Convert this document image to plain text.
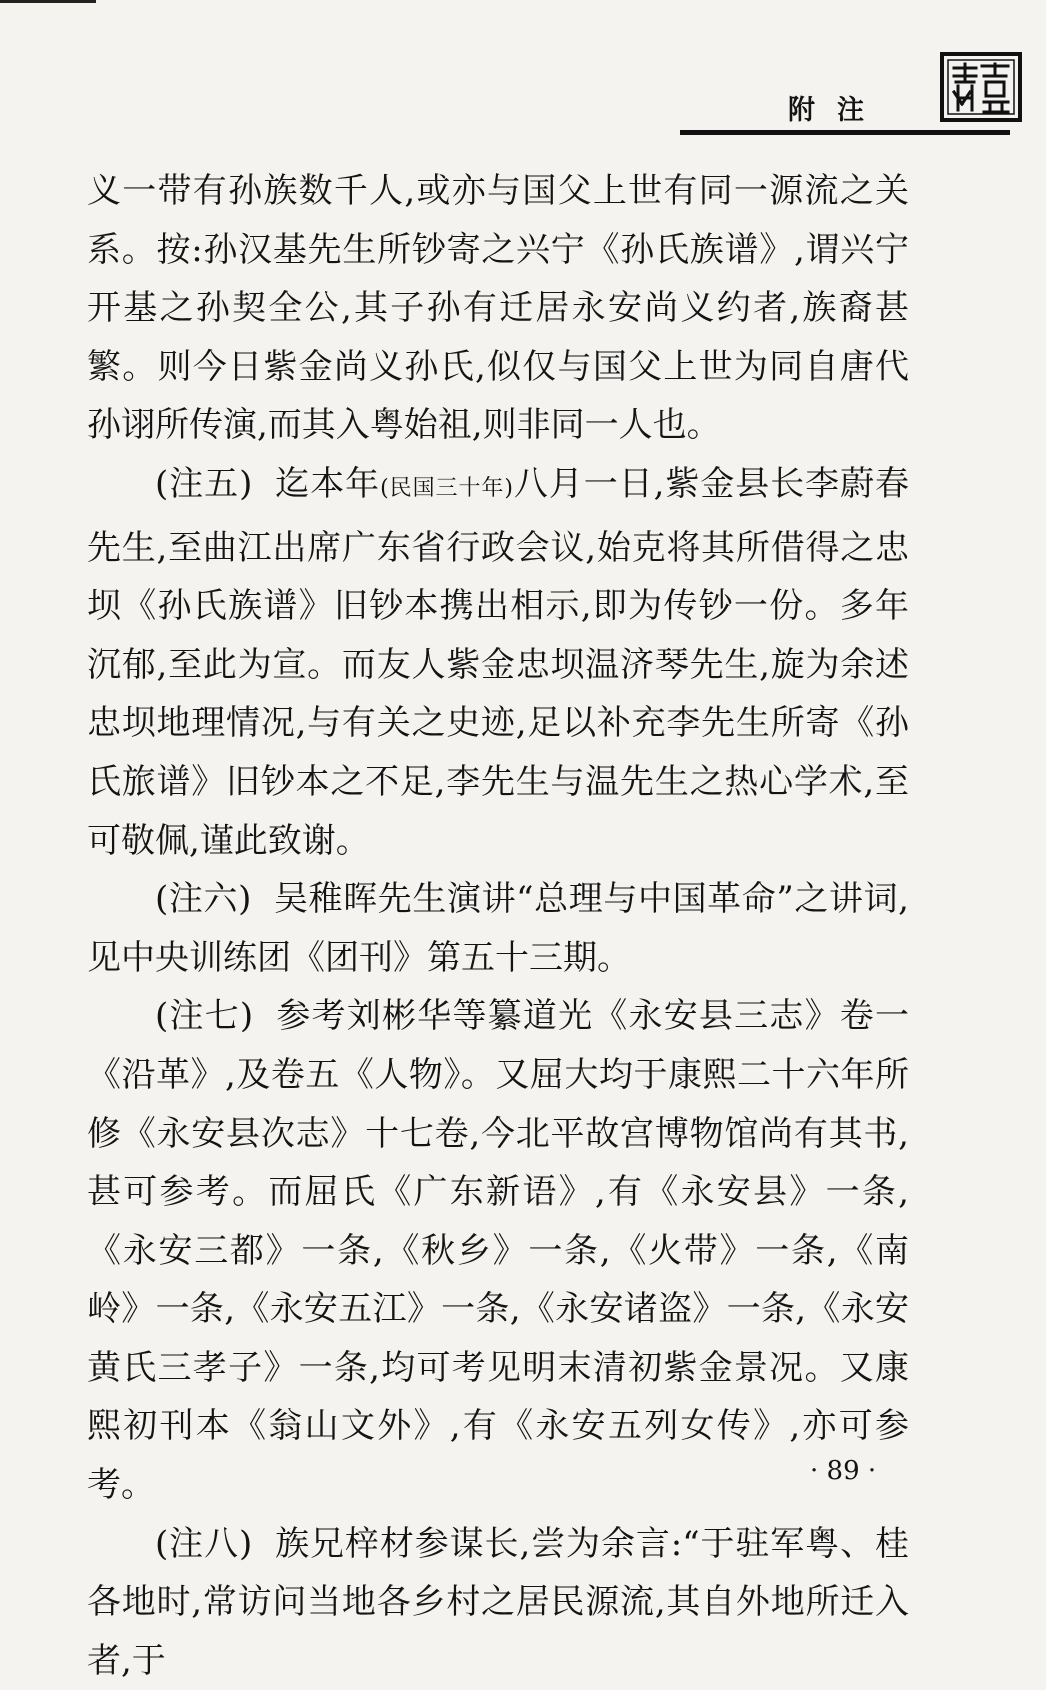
附注

义一带有孙族数千人,或亦与国父上世有同一源流之关系。按:孙汉基先生所钞寄之兴宁《孙氏族谱》,谓兴宁开基之孙契全公,其子孙有迁居永安尚义约者,族裔甚繁。则今日紫金尚义孙氏,似仅与国父上世为同自唐代孙诩所传演,而其入粤始祖,则非同一人也。

(注五) 迄本年(民国三十年)八月一日,紫金县长李蔚春先生,至曲江出席广东省行政会议,始克将其所借得之忠坝《孙氏族谱》旧钞本携出相示,即为传钞一份。多年沉郁,至此为宣。而友人紫金忠坝温济琴先生,旋为余述忠坝地理情况,与有关之史迹,足以补充李先生所寄《孙氏旅谱》旧钞本之不足,李先生与温先生之热心学术,至可敬佩,谨此致谢。

(注六) 吴稚晖先生演讲“总理与中国革命”之讲词,见中央训练团《团刊》第五十三期。

(注七) 参考刘彬华等纂道光《永安县三志》卷一《沿革》,及卷五《人物》。又屈大均于康熙二十六年所修《永安县次志》十七卷,今北平故宫博物馆尚有其书,甚可参考。而屈氏《广东新语》,有《永安县》一条,《永安三都》一条,《秋乡》一条,《火带》一条,《南岭》一条,《永安五江》一条,《永安诸盗》一条,《永安黄氏三孝子》一条,均可考见明末清初紫金景况。又康熙初刊本《翁山文外》,有《永安五列女传》,亦可参考。

(注八) 族兄梓材参谋长,尝为余言:“于驻军粤、桂各地时,常访问当地各乡村之居民源流,其自外地所迁入者,于

· 89 ·
